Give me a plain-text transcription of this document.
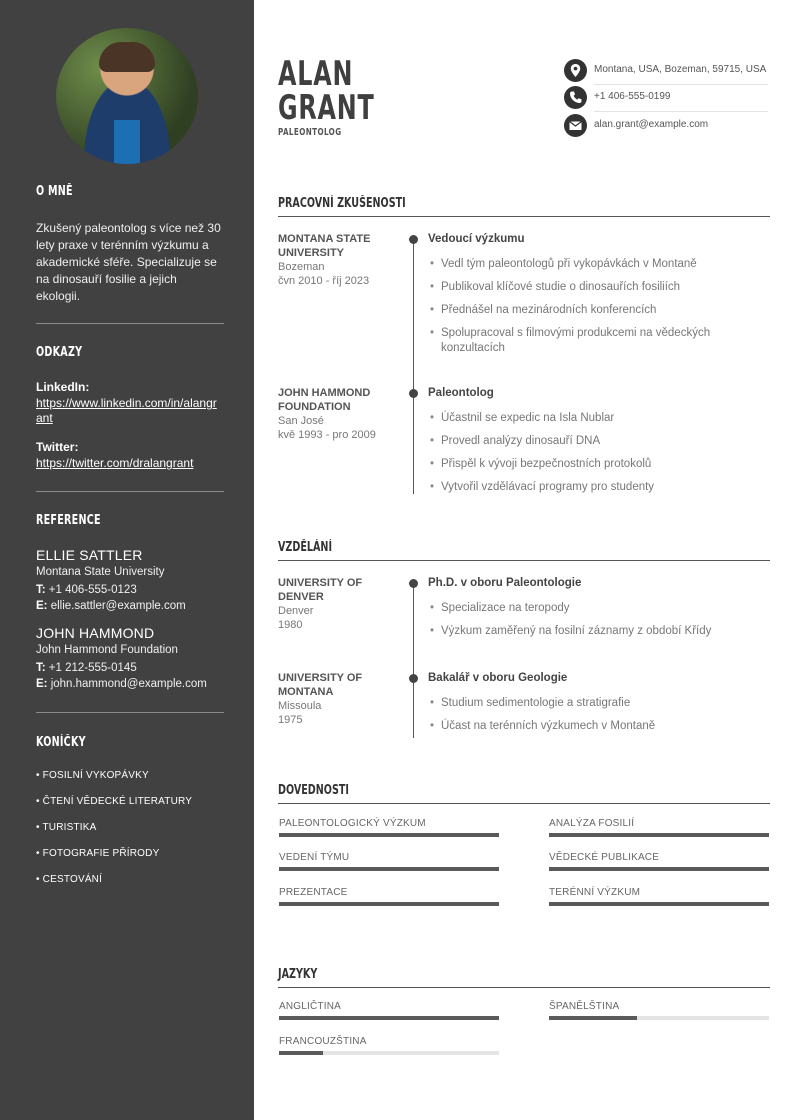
O MNĚ
Zkušený paleontolog s více než 30 lety praxe v terénním výzkumu a akademické sféře. Specializuje se na dinosauří fosilie a jejich ekologii.
ODKAZY
LinkedIn:
https://www.linkedin.com/in/alangrant
Twitter:
https://twitter.com/dralangrant
REFERENCE
ELLIE SATTLER
Montana State University
T: +1 406-555-0123
E: ellie.sattler@example.com
JOHN HAMMOND
John Hammond Foundation
T: +1 212-555-0145
E: john.hammond@example.com
KONÍČKY
• FOSILNÍ VYKOPÁVKY
• ČTENÍ VĚDECKÉ LITERATURY
• TURISTIKA
• FOTOGRAFIE PŘÍRODY
• CESTOVÁNÍ
ALAN
GRANT
PALEONTOLOG
Montana, USA, Bozeman, 59715, USA
+1 406-555-0199
alan.grant@example.com
PRACOVNÍ ZKUŠENOSTI
MONTANA STATE UNIVERSITY
Bozeman
čvn 2010 - říj 2023
Vedoucí výzkumu
• Vedl tým paleontologů při vykopávkách v Montaně
• Publikoval klíčové studie o dinosauřích fosiliích
• Přednášel na mezinárodních konferencích
• Spolupracoval s filmovými produkcemi na vědeckých konzultacích
JOHN HAMMOND FOUNDATION
San José
kvě 1993 - pro 2009
Paleontolog
• Účastnil se expedic na Isla Nublar
• Provedl analýzy dinosauří DNA
• Přispěl k vývoji bezpečnostních protokolů
• Vytvořil vzdělávací programy pro studenty
VZDĚLÁNÍ
UNIVERSITY OF DENVER
Denver
1980
Ph.D. v oboru Paleontologie
• Specializace na teropody
• Výzkum zaměřený na fosilní záznamy z období Křídy
UNIVERSITY OF MONTANA
Missoula
1975
Bakalář v oboru Geologie
• Studium sedimentologie a stratigrafie
• Účast na terénních výzkumech v Montaně
DOVEDNOSTI
PALEONTOLOGICKÝ VÝZKUM	ANALÝZA FOSILIÍ
VEDENÍ TÝMU	VĚDECKÉ PUBLIKACE
PREZENTACE	TERÉNNÍ VÝZKUM
JAZYKY
ANGLIČTINA	ŠPANĚLŠTINA
FRANCOUZŠTINA
